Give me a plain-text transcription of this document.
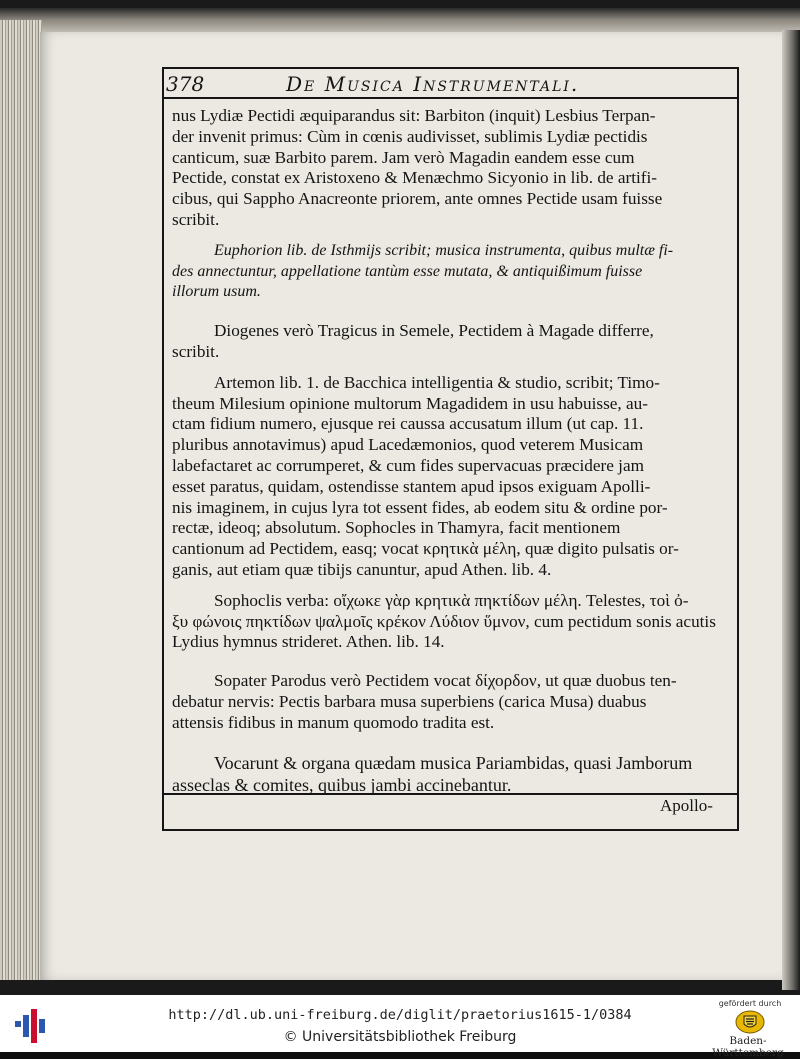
378	De Musica Instrumentali.
nus Lydiæ Pectidi æquiparandus sit: Barbiton (inquit) Lesbius Terpan-
der invenit primus: Cùm in cœnis audivisset, sublimis Lydiæ pectidis
canticum, suæ Barbito parem. Jam verò Magadin eandem esse cum
Pectide, constat ex Aristoxeno & Menæchmo Sicyonio in lib. de artifi-
cibus, qui Sappho Anacreonte priorem, ante omnes Pectide usam fuisse
scribit.
Euphorion lib. de Isthmijs scribit; musica instrumenta, quibus multæ fi-
des annectuntur, appellatione tantùm esse mutata, & antiquißimum fuisse
illorum usum.
Diogenes verò Tragicus in Semele, Pectidem à Magade differre,
scribit.
Artemon lib. 1. de Bacchica intelligentia & studio, scribit; Timo-
theum Milesium opinione multorum Magadidem in usu habuisse, au-
ctam fidium numero, ejusque rei caussa accusatum illum (ut cap. 11.
pluribus annotavimus) apud Lacedæmonios, quod veterem Musicam
labefactaret ac corrumperet, & cum fides supervacuas præcidere jam
esset paratus, quidam, ostendisse stantem apud ipsos exiguam Apolli-
nis imaginem, in cujus lyra tot essent fides, ab eodem situ & ordine por-
rectæ, ideoq; absolutum. Sophocles in Thamyra, facit mentionem
cantionum ad Pectidem, easq; vocat κρητικὰ μέλη, quæ digito pulsatis or-
ganis, aut etiam quæ tibijs canuntur, apud Athen. lib. 4.
Sophoclis verba: οἴχωκε γὰρ κρητικὰ πηκτίδων μέλη. Telestes, τοὶ ὀ-
ξυ φώνοις πηκτίδων ψαλμοῖς κρέκον Λύδιον ὕμνον, cum pectidum sonis acutis
Lydius hymnus strideret. Athen. lib. 14.
Sopater Parodus verò Pectidem vocat δίχορδον, ut quæ duobus ten-
debatur nervis: Pectis barbara musa superbiens (carica Musa) duabus
attensis fidibus in manum quomodo tradita est.
Vocarunt & organa quædam musica Pariambidas, quasi Jamborum
asseclas & comites, quibus jambi accinebantur.
Apollo-
http://dl.ub.uni-freiburg.de/diglit/praetorius1615-1/0384
© Universitätsbibliothek Freiburg
gefördert durch
Baden-Württemberg
